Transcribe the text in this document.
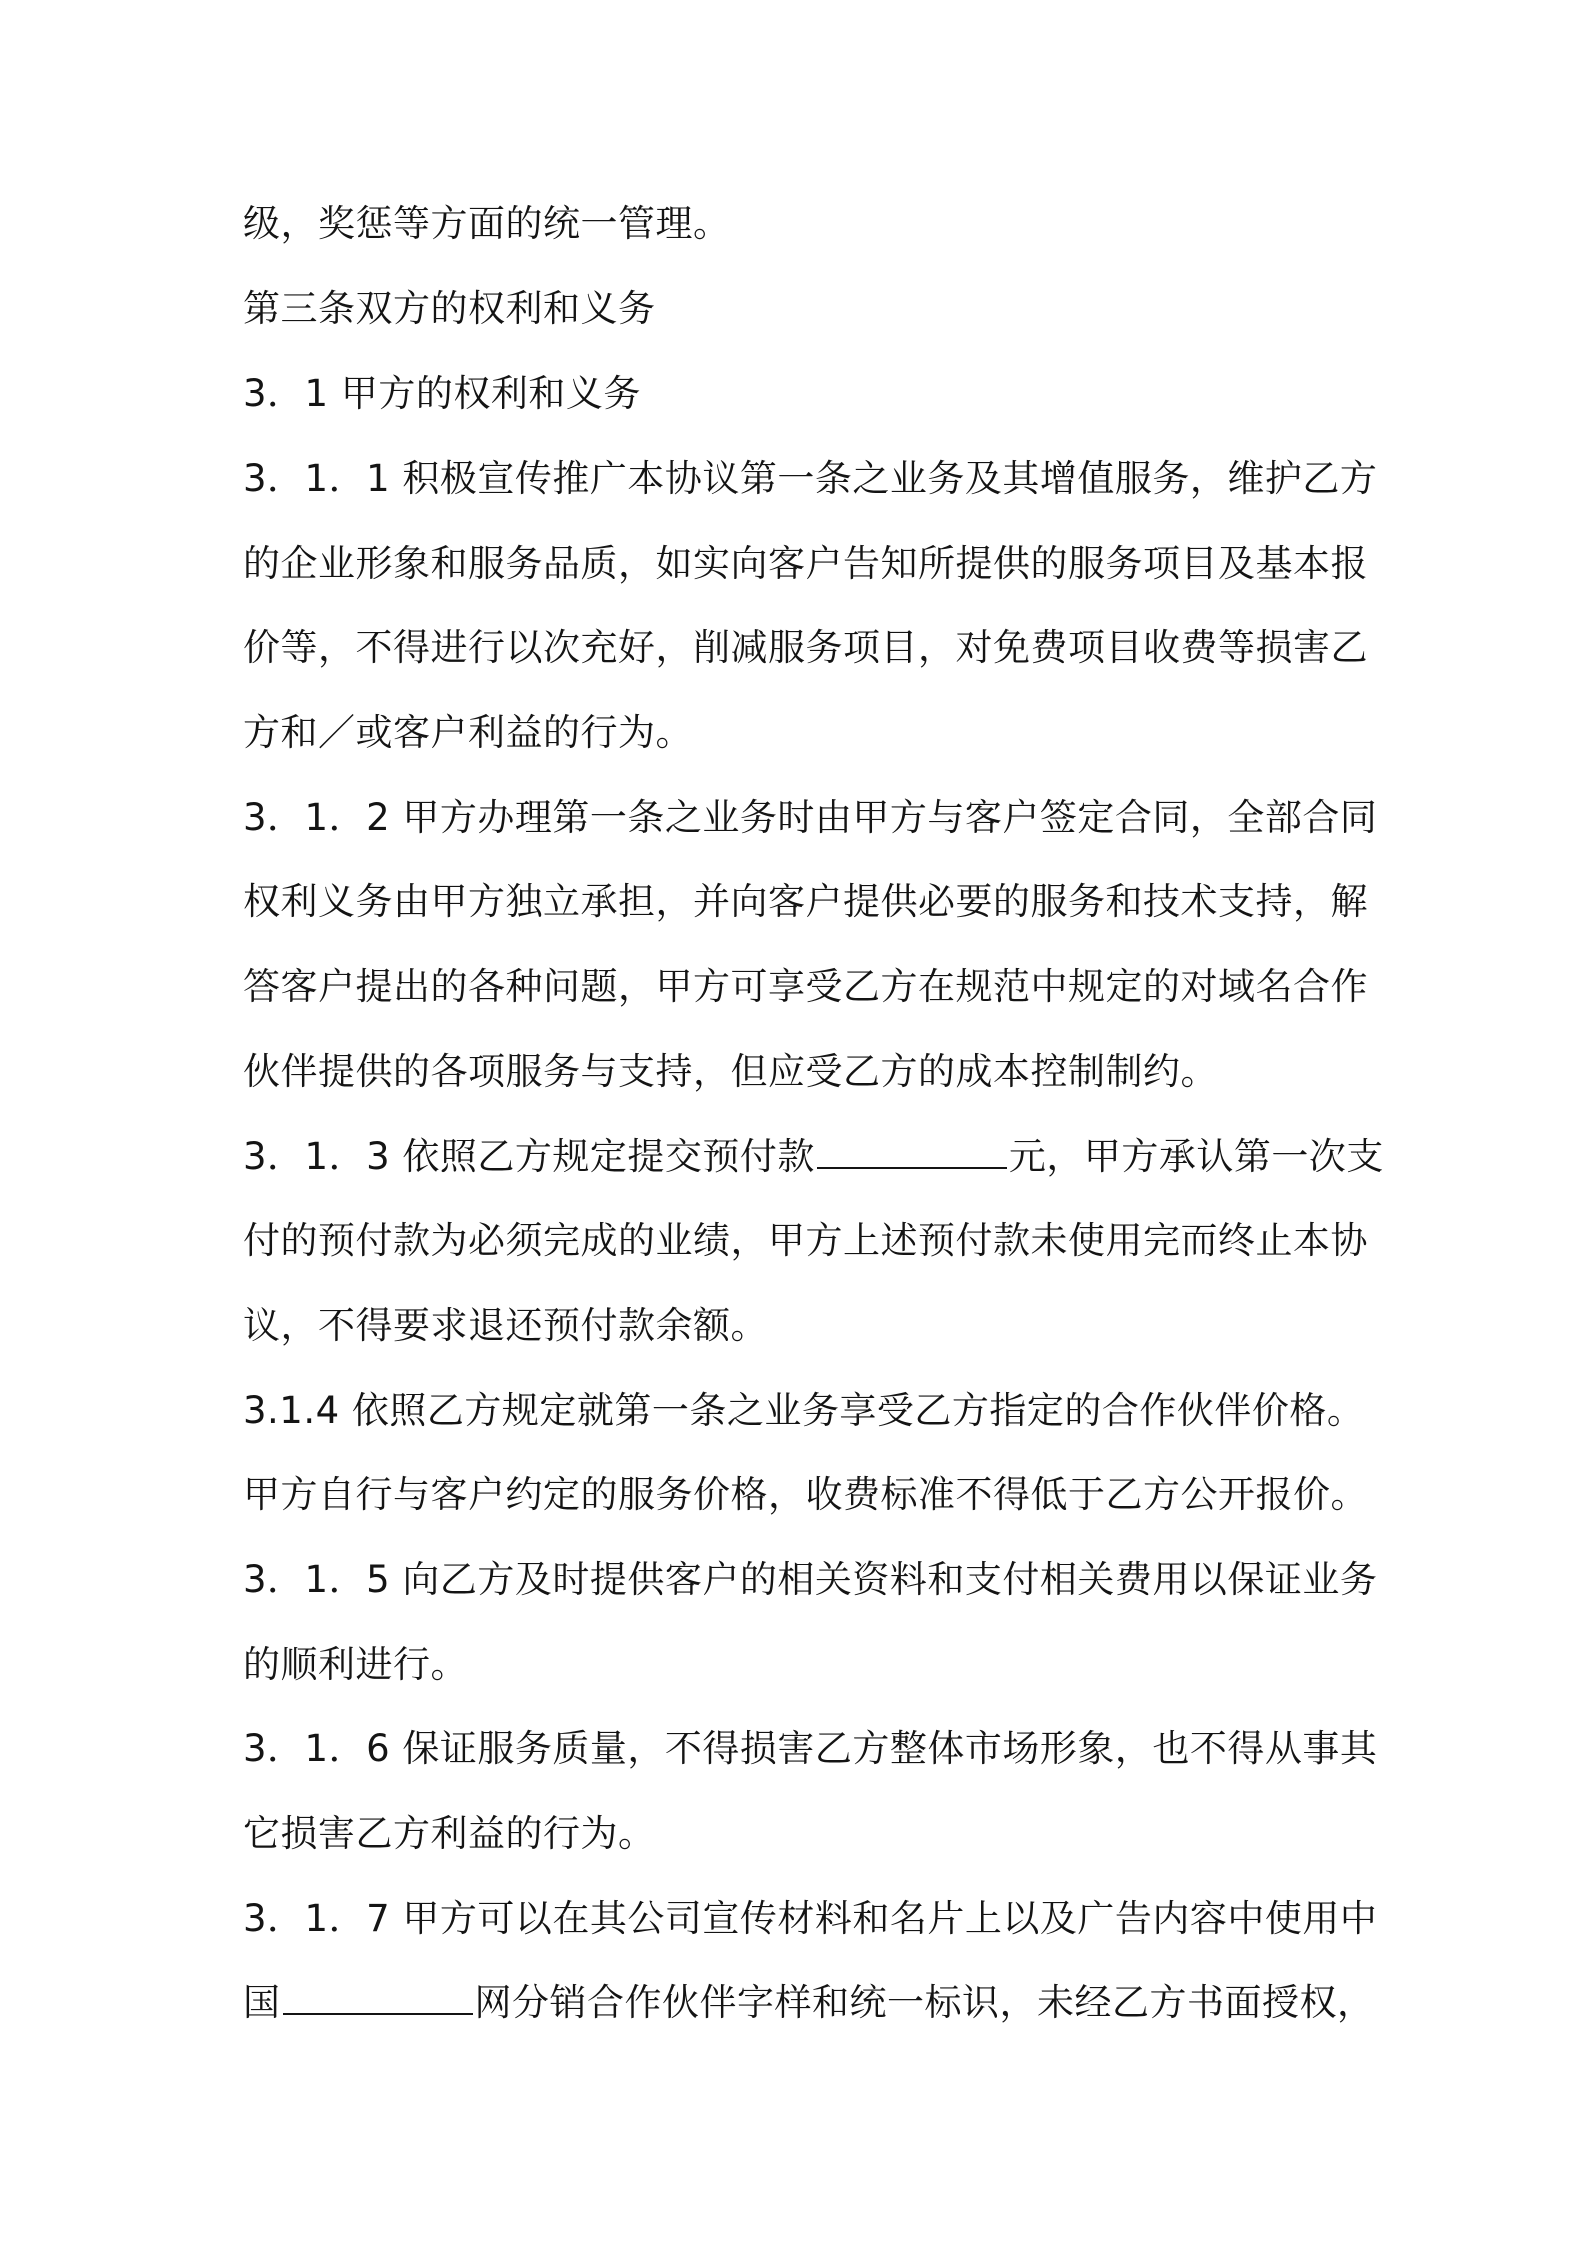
级，奖惩等方面的统一管理。

第三条双方的权利和义务

3．1 甲方的权利和义务

3．1．1 积极宣传推广本协议第一条之业务及其增值服务，维护乙方

的企业形象和服务品质，如实向客户告知所提供的服务项目及基本报

价等，不得进行以次充好，削减服务项目，对免费项目收费等损害乙

方和／或客户利益的行为。

3．1．2 甲方办理第一条之业务时由甲方与客户签定合同，全部合同

权利义务由甲方独立承担，并向客户提供必要的服务和技术支持，解

答客户提出的各种问题，甲方可享受乙方在规范中规定的对域名合作

伙伴提供的各项服务与支持，但应受乙方的成本控制制约。

3．1．3 依照乙方规定提交预付款	元，甲方承认第一次支

付的预付款为必须完成的业绩，甲方上述预付款未使用完而终止本协

议，不得要求退还预付款余额。

3.1.4 依照乙方规定就第一条之业务享受乙方指定的合作伙伴价格。

甲方自行与客户约定的服务价格，收费标准不得低于乙方公开报价。

3．1．5 向乙方及时提供客户的相关资料和支付相关费用以保证业务

的顺利进行。

3．1．6 保证服务质量，不得损害乙方整体市场形象，也不得从事其

它损害乙方利益的行为。

3．1．7 甲方可以在其公司宣传材料和名片上以及广告内容中使用中

国	网分销合作伙伴字样和统一标识，未经乙方书面授权，
